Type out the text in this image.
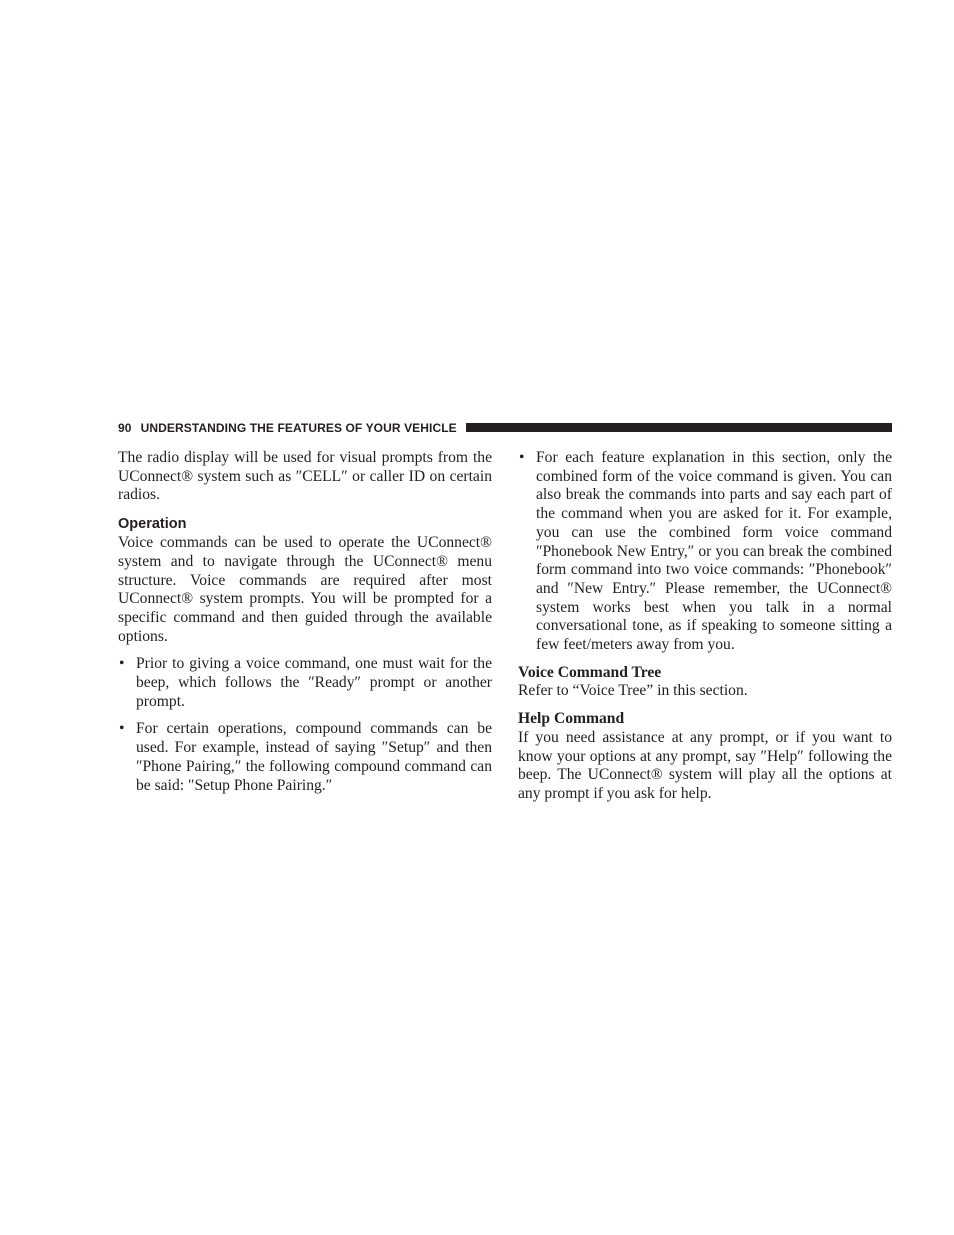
90 UNDERSTANDING THE FEATURES OF YOUR VEHICLE

The radio display will be used for visual prompts from the UConnect® system such as ″CELL″ or caller ID on certain radios.

Operation

Voice commands can be used to operate the UConnect® system and to navigate through the UConnect® menu structure. Voice commands are required after most UConnect® system prompts. You will be prompted for a specific command and then guided through the available options.

• Prior to giving a voice command, one must wait for the beep, which follows the ″Ready″ prompt or another prompt.
• For certain operations, compound commands can be used. For example, instead of saying ″Setup″ and then ″Phone Pairing,″ the following compound command can be said: ″Setup Phone Pairing.″
• For each feature explanation in this section, only the combined form of the voice command is given. You can also break the commands into parts and say each part of the command when you are asked for it. For example, you can use the combined form voice command ″Phonebook New Entry,″ or you can break the combined form command into two voice commands: ″Phonebook″ and ″New Entry.″ Please remember, the UConnect® system works best when you talk in a normal conversational tone, as if speaking to someone sitting a few feet/meters away from you.
Voice Command Tree

Refer to “Voice Tree” in this section.

Help Command

If you need assistance at any prompt, or if you want to know your options at any prompt, say ″Help″ following the beep. The UConnect® system will play all the options at any prompt if you ask for help.
